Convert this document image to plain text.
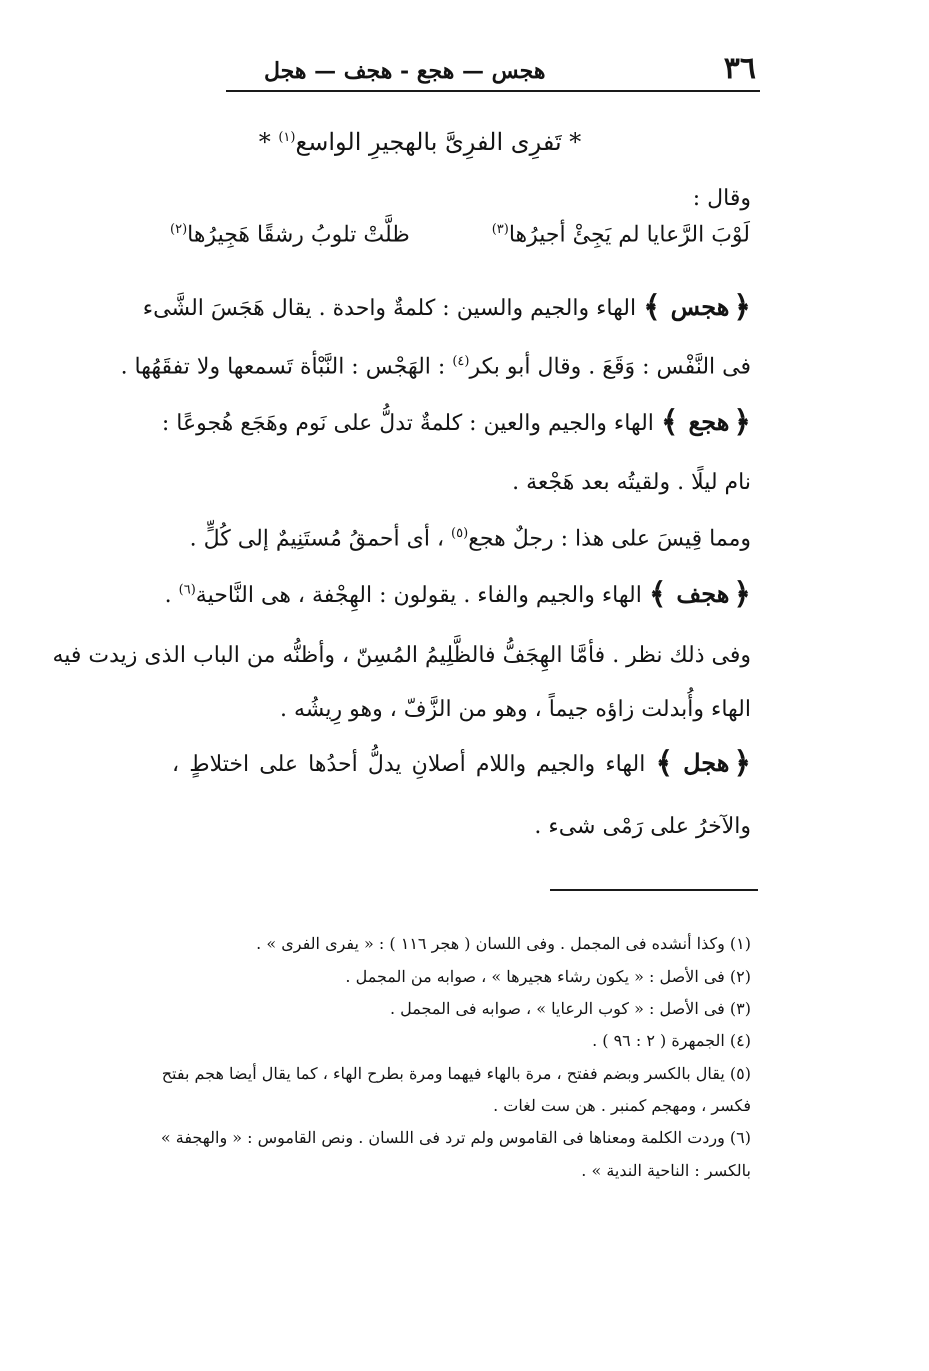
٣٦
هجس — هجع - هجف — هجل
* تَفرِى الفرِىَّ بالهجيرِ الواسع$^{(١)}$ *
وقال :
ظلَّتْ تلوبُ رشقًا هَجِيرُها$^{(٢)}$	لَوْبَ الرَّعايا لم يَجِئْ أجيرُها$^{(٣)}$
﴿هجس﴾ الهاء والجيم والسين : كلمةٌ واحدة . يقال هَجَسَ الشَّىء
فى النَّفْس : وَقَعَ . وقال أبو بكر$^{(٤)}$ : الهَجْس : النَّبْأة تَسمعها ولا تفقَهُها .
﴿هجع﴾ الهاء والجيم والعين : كلمةٌ تدلُّ على نَوم وهَجَع هُجوعًا :
نام ليلًا . ولقيتُه بعد هَجْعة .
ومما قِيسَ على هذا : رجلٌ هجع$^{(٥)}$ ، أى أحمقُ مُستَنِيمٌ إلى كُلٍّ .
﴿هجف﴾ الهاء والجيم والفاء . يقولون : الهِجْفة ، هى النَّاحية$^{(٦)}$ .
وفى ذلك نظر . فأمَّا الهِجَفُّ فالظَّلِيمُ المُسِنّ ، وأظنُّه من الباب الذى زيدت فيه
الهاء وأُبدلت زاؤه جيماً ، وهو من الزَّفّ ، وهو رِيشُه .
﴿هجل﴾ الهاء والجيم واللام أصلانِ يدلُّ أحدُها على اختلاطٍ ،
والآخرُ على رَمْى شىء .
(١) وكذا أنشده فى المجمل . وفى اللسان ( هجر ١١٦ ) : « يفرى الفرى » .
(٢) فى الأصل : « يكون رشاء هجيرها » ، صوابه من المجمل .
(٣) فى الأصل : « كوب الرعايا » ، صوابه فى المجمل .
(٤) الجمهرة ( ٢ : ٩٦ ) .
(٥) يقال بالكسر وبضم ففتح ، مرة بالهاء فيهما ومرة بطرح الهاء ، كما يقال أيضا هجم بفتح
فكسر ، ومهجم كمنبر . هن ست لغات .
(٦) وردت الكلمة ومعناها فى القاموس ولم ترد فى اللسان . ونص القاموس : « والهجفة »
بالكسر : الناحية الندية » .
